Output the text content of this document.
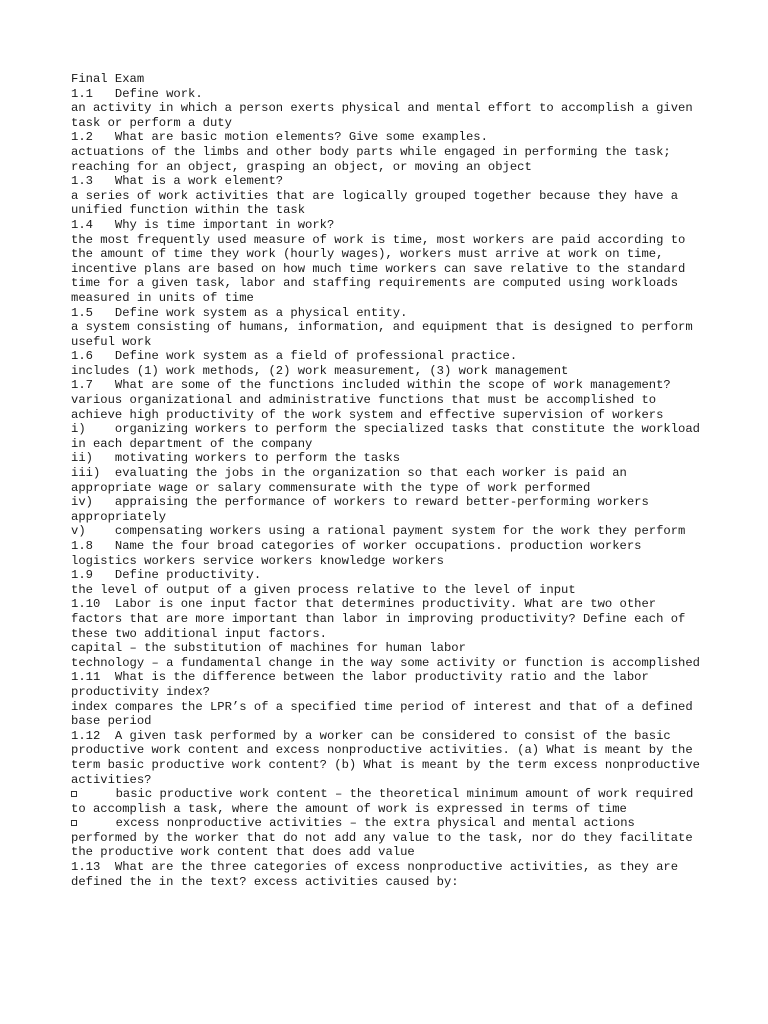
Final Exam
1.1   Define work.
an activity in which a person exerts physical and mental effort to accomplish a given task or perform a duty
1.2   What are basic motion elements? Give some examples.
actuations of the limbs and other body parts while engaged in performing the task; reaching for an object, grasping an object, or moving an object
1.3   What is a work element?
a series of work activities that are logically grouped together because they have a unified function within the task
1.4   Why is time important in work?
the most frequently used measure of work is time, most workers are paid according to the amount of time they work (hourly wages), workers must arrive at work on time, incentive plans are based on how much time workers can save relative to the standard time for a given task, labor and staffing requirements are computed using workloads measured in units of time
1.5   Define work system as a physical entity.
a system consisting of humans, information, and equipment that is designed to perform useful work
1.6   Define work system as a field of professional practice.
includes (1) work methods, (2) work measurement, (3) work management
1.7   What are some of the functions included within the scope of work management?
various organizational and administrative functions that must be accomplished to achieve high productivity of the work system and effective supervision of workers
i)    organizing workers to perform the specialized tasks that constitute the workload in each department of the company
ii)   motivating workers to perform the tasks
iii)  evaluating the jobs in the organization so that each worker is paid an appropriate wage or salary commensurate with the type of work performed
iv)   appraising the performance of workers to reward better-performing workers appropriately
v)    compensating workers using a rational payment system for the work they perform
1.8   Name the four broad categories of worker occupations. production workers logistics workers service workers knowledge workers
1.9   Define productivity.
the level of output of a given process relative to the level of input
1.10  Labor is one input factor that determines productivity. What are two other factors that are more important than labor in improving productivity? Define each of these two additional input factors.
capital – the substitution of machines for human labor
technology – a fundamental change in the way some activity or function is accomplished
1.11  What is the difference between the labor productivity ratio and the labor productivity index?
index compares the LPR’s of a specified time period of interest and that of a defined base period
1.12  A given task performed by a worker can be considered to consist of the basic productive work content and excess nonproductive activities. (a) What is meant by the term basic productive work content? (b) What is meant by the term excess nonproductive activities?
basic productive work content – the theoretical minimum amount of work required to accomplish a task, where the amount of work is expressed in terms of time
excess nonproductive activities – the extra physical and mental actions performed by the worker that do not add any value to the task, nor do they facilitate the productive work content that does add value
1.13  What are the three categories of excess nonproductive activities, as they are defined the in the text? excess activities caused by:
